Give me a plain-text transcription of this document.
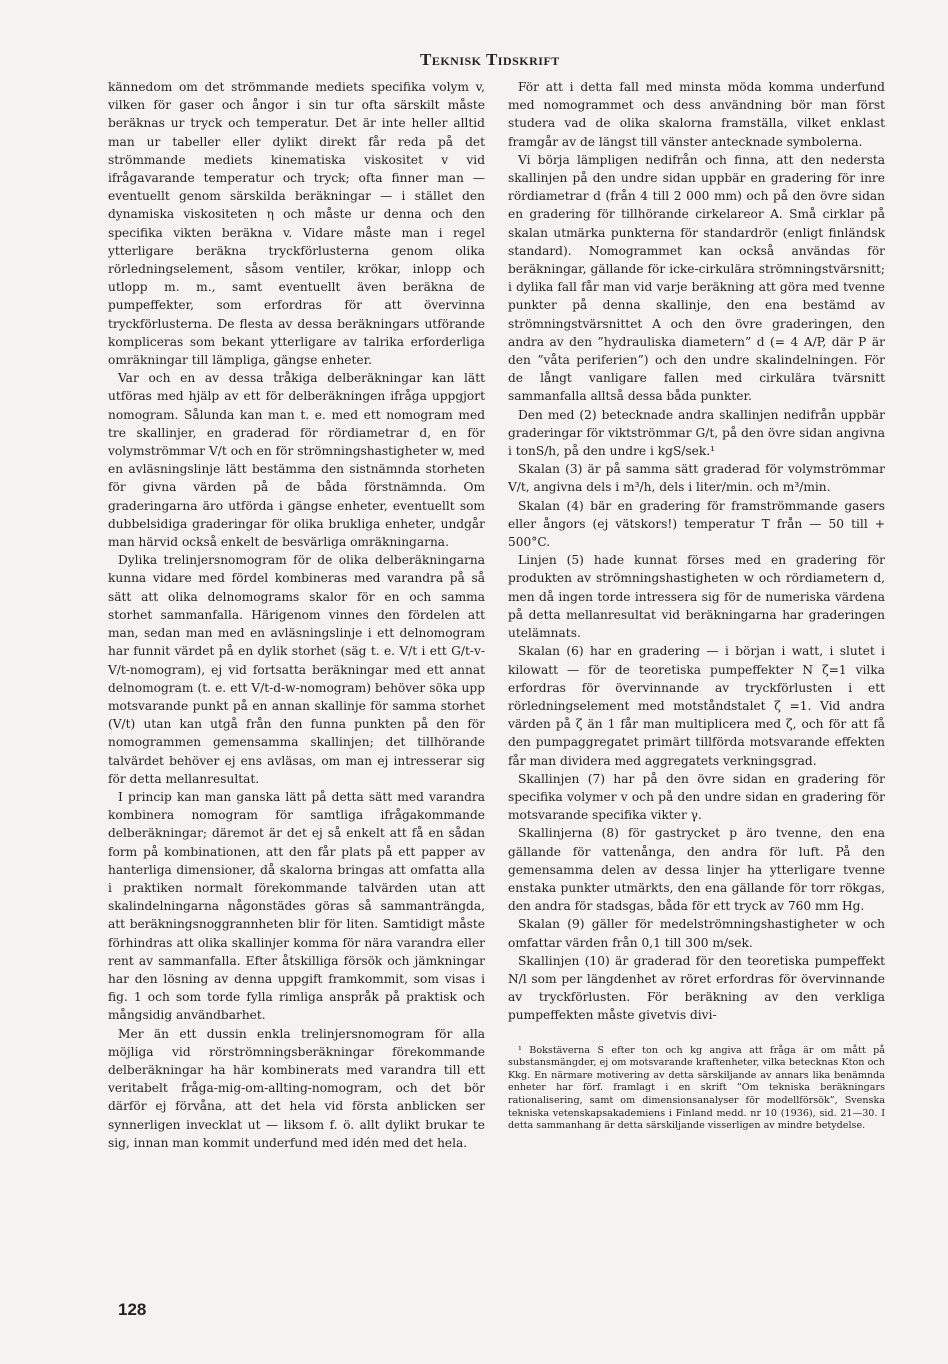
Teknisk Tidskrift

kännedom om det strömmande mediets specifika volym v, vilken för gaser och ångor i sin tur ofta särskilt måste beräknas ur tryck och temperatur. Det är inte heller alltid man ur tabeller eller dylikt direkt får reda på det strömmande mediets kinematiska viskositet v vid ifrågavarande temperatur och tryck; ofta finner man — eventuellt genom särskilda beräkningar — i stället den dynamiska viskositeten η och måste ur denna och den specifika vikten beräkna v. Vidare måste man i regel ytterligare beräkna tryckförlusterna genom olika rörledningselement, såsom ventiler, krökar, inlopp och utlopp m. m., samt eventuellt även beräkna de pumpeffekter, som erfordras för att övervinna tryckförlusterna. De flesta av dessa beräkningars utförande kompliceras som bekant ytterligare av talrika erforderliga omräkningar till lämpliga, gängse enheter.

Var och en av dessa tråkiga delberäkningar kan lätt utföras med hjälp av ett för delberäkningen ifråga uppgjort nomogram. Sålunda kan man t. e. med ett nomogram med tre skallinjer, en graderad för rördiametrar d, en för volymströmmar V/t och en för strömningshastigheter w, med en avläsningslinje lätt bestämma den sistnämnda storheten för givna värden på de båda förstnämnda. Om graderingarna äro utförda i gängse enheter, eventuellt som dubbelsidiga graderingar för olika brukliga enheter, undgår man härvid också enkelt de besvärliga omräkningarna.

Dylika trelinjersnomogram för de olika delberäkningarna kunna vidare med fördel kombineras med varandra på så sätt att olika delnomograms skalor för en och samma storhet sammanfalla. Härigenom vinnes den fördelen att man, sedan man med en avläsningslinje i ett delnomogram har funnit värdet på en dylik storhet (säg t. e. V/t i ett G/t-v-V/t-nomogram), ej vid fortsatta beräkningar med ett annat delnomogram (t. e. ett V/t-d-w-nomogram) behöver söka upp motsvarande punkt på en annan skallinje för samma storhet (V/t) utan kan utgå från den funna punkten på den för nomogrammen gemensamma skallinjen; det tillhörande talvärdet behöver ej ens avläsas, om man ej intresserar sig för detta mellanresultat.

I princip kan man ganska lätt på detta sätt med varandra kombinera nomogram för samtliga ifrågakommande delberäkningar; däremot är det ej så enkelt att få en sådan form på kombinationen, att den får plats på ett papper av hanterliga dimensioner, då skalorna bringas att omfatta alla i praktiken normalt förekommande talvärden utan att skalindelningarna någonstädes göras så sammanträngda, att beräkningsnoggrannheten blir för liten. Samtidigt måste förhindras att olika skallinjer komma för nära varandra eller rent av sammanfalla. Efter åtskilliga försök och jämkningar har den lösning av denna uppgift framkommit, som visas i fig. 1 och som torde fylla rimliga anspråk på praktisk och mångsidig användbarhet.

Mer än ett dussin enkla trelinjersnomogram för alla möjliga vid rörströmningsberäkningar förekommande delberäkningar ha här kombinerats med varandra till ett veritabelt fråga-mig-om-allting-nomogram, och det bör därför ej förvåna, att det hela vid första anblicken ser synnerligen invecklat ut — liksom f. ö. allt dylikt brukar te sig, innan man kommit underfund med idén med det hela.

För att i detta fall med minsta möda komma underfund med nomogrammet och dess användning bör man först studera vad de olika skalorna framställa, vilket enklast framgår av de längst till vänster antecknade symbolerna.

Vi börja lämpligen nedifrån och finna, att den nedersta skallinjen på den undre sidan uppbär en gradering för inre rördiametrar d (från 4 till 2 000 mm) och på den övre sidan en gradering för tillhörande cirkelareor A. Små cirklar på skalan utmärka punkterna för standardrör (enligt finländsk standard). Nomogrammet kan också användas för beräkningar, gällande för icke-cirkulära strömningstvärsnitt; i dylika fall får man vid varje beräkning att göra med tvenne punkter på denna skallinje, den ena bestämd av strömningstvärsnittet A och den övre graderingen, den andra av den ”hydrauliska diametern” d (= 4 A/P, där P är den ”våta periferien”) och den undre skalindelningen. För de långt vanligare fallen med cirkulära tvärsnitt sammanfalla alltså dessa båda punkter.

Den med (2) betecknade andra skallinjen nedifrån uppbär graderingar för viktströmmar G/t, på den övre sidan angivna i tonS/h, på den undre i kgS/sek.¹

Skalan (3) är på samma sätt graderad för volymströmmar V/t, angivna dels i m³/h, dels i liter/min. och m³/min.

Skalan (4) bär en gradering för framströmmande gasers eller ångors (ej vätskors!) temperatur T från — 50 till + 500°C.

Linjen (5) hade kunnat förses med en gradering för produkten av strömningshastigheten w och rördiametern d, men då ingen torde intressera sig för de numeriska värdena på detta mellanresultat vid beräkningarna har graderingen utelämnats.

Skalan (6) har en gradering — i början i watt, i slutet i kilowatt — för de teoretiska pumpeffekter N ζ=1 vilka erfordras för övervinnande av tryckförlusten i ett rörledningselement med motståndstalet ζ =1. Vid andra värden på ζ än 1 får man multiplicera med ζ, och för att få den pumpaggregatet primärt tillförda motsvarande effekten får man dividera med aggregatets verkningsgrad.

Skallinjen (7) har på den övre sidan en gradering för specifika volymer v och på den undre sidan en gradering för motsvarande specifika vikter γ.

Skallinjerna (8) för gastrycket p äro tvenne, den ena gällande för vattenånga, den andra för luft. På den gemensamma delen av dessa linjer ha ytterligare tvenne enstaka punkter utmärkts, den ena gällande för torr rökgas, den andra för stadsgas, båda för ett tryck av 760 mm Hg.

Skalan (9) gäller för medelströmningshastigheter w och omfattar värden från 0,1 till 300 m/sek.

Skallinjen (10) är graderad för den teoretiska pumpeffekt N/l som per längdenhet av röret erfordras för övervinnande av tryckförlusten. För beräkning av den verkliga pumpeffekten måste givetvis divi-

¹ Bokstäverna S efter ton och kg angiva att fråga är om mått på substansmängder, ej om motsvarande kraftenheter, vilka betecknas Kton och Kkg. En närmare motivering av detta särskiljande av annars lika benämnda enheter har förf. framlagt i en skrift ”Om tekniska beräkningars rationalisering, samt om dimensionsanalyser för modellförsök”, Svenska tekniska vetenskapsakademiens i Finland medd. nr 10 (1936), sid. 21—30. I detta sammanhang är detta särskiljande visserligen av mindre betydelse.
128
